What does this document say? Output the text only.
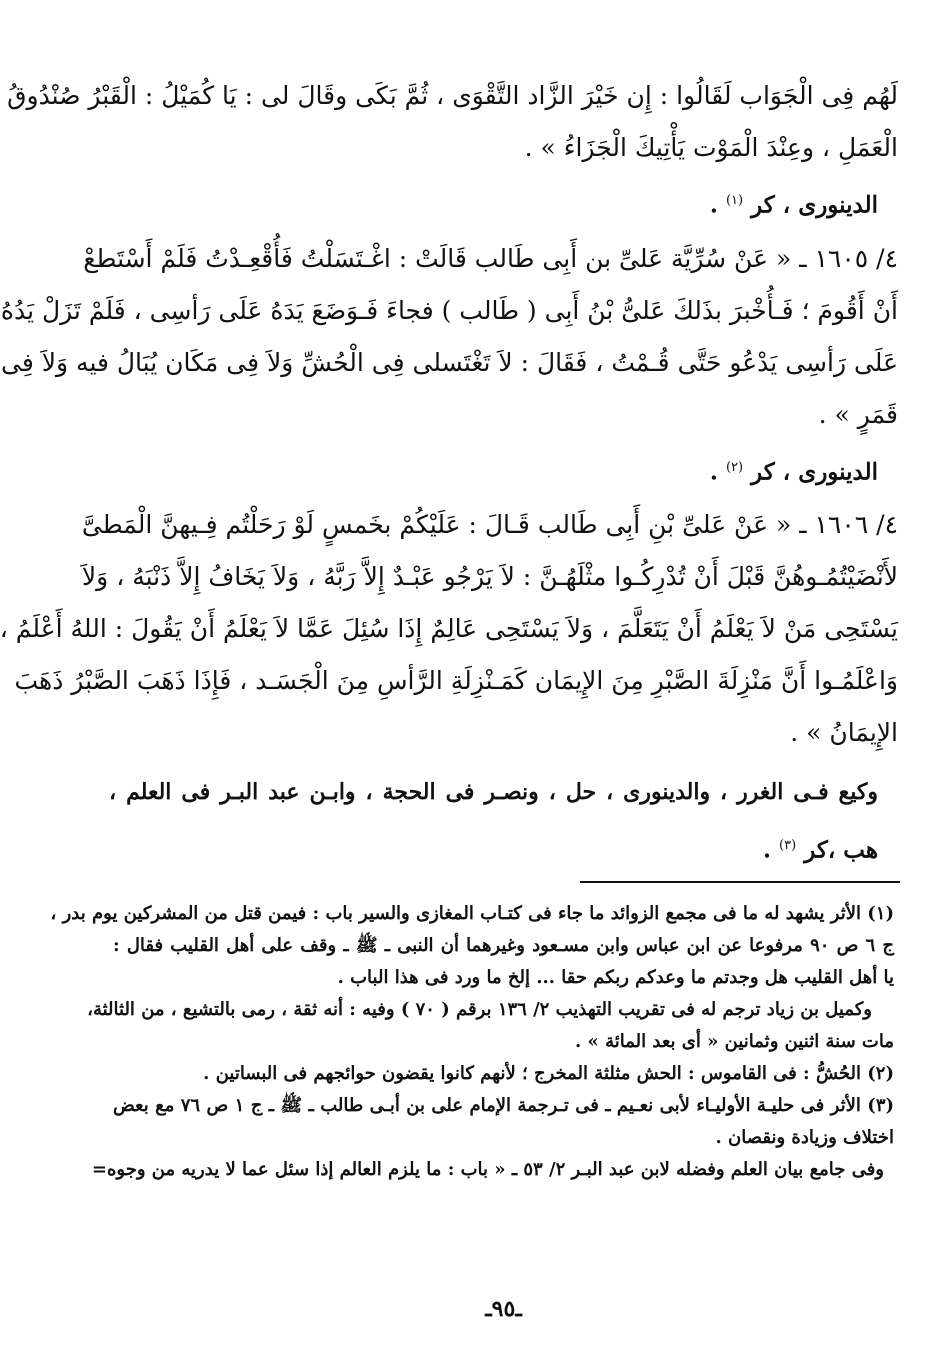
لَهُم فِى الْجَوَاب لَقَالُوا : إِن خَيْرَ الزَّاد التَّقْوَى ، ثُمَّ بَكَى وقَالَ لى : يَا كُمَيْلُ : الْقَبْرُ صُنْدُوقُ
الْعَمَلِ ، وعِنْدَ الْمَوْت يَأْتِيكَ الْجَزَاءُ » .
الدينورى ، كر $^{(١)}$ .
٤/ ١٦٠٥ ـ « عَنْ سُرِّيَّة عَلىِّ بن أَبِى طَالب قَالَتْ : اغْـتَسَلْتُ فَأُقْعِـدْتُ فَلَمْ أَسْتَطعْ
أَنْ أَقُومَ ؛ فَـأُخْبرَ بذَلكَ عَلىُّ بْنُ أَبِى ( طَالب ) فجاءَ فَـوَضَعَ يَدَهُ عَلَى رَأسِى ، فَلَمْ تَزَلْ يَدُهُ
عَلَى رَأسِى يَدْعُو حَتَّى قُـمْتُ ، فَقَالَ : لاَ تَغْتَسلى فِى الْحُشِّ وَلاَ فِى مَكَان يُبَالُ فيه وَلاَ فِى
قَمَرٍ » .
الدينورى ، كر $^{(٢)}$ .
٤/ ١٦٠٦ ـ « عَنْ عَلىِّ بْنِ أَبِى طَالب قَـالَ : عَلَيْكُمْ بخَمسٍ لَوْ رَحَلْتُم فِـيهنَّ الْمَطىَّ
لأَنْضَيْتُمُـوهُنَّ قَبْلَ أَنْ تُدْرِكُـوا مثْلَهُـنَّ : لاَ يَرْجُو عَبْـدٌ إِلاَّ رَبَّهُ ، وَلاَ يَخَافُ إِلاَّ ذَنْبَهُ ، وَلاَ
يَسْتَحِى مَنْ لاَ يَعْلَمُ أَنْ يَتَعَلَّمَ ، وَلاَ يَسْتَحِى عَالِمٌ إِذَا سُئِلَ عَمَّا لاَ يَعْلَمُ أَنْ يَقُولَ : اللهُ أَعْلَمُ ،
وَاعْلَمُـوا أَنَّ مَنْزِلَةَ الصَّبْرِ مِنَ الإِيمَان كَمَـنْزِلَةِ الرَّأسِ مِنَ الْجَسَـد ، فَإِذَا ذَهَبَ الصَّبْرُ ذَهَبَ
الإِيمَانُ » .
وكيع فـى الغرر ، والدينورى ، حل ، ونصـر فى الحجة ، وابـن عبد البـر فى العلم ،
هب ،كر $^{(٣)}$ .
(١) الأثر يشهد له ما فى مجمع الزوائد ما جاء فى كتـاب المغازى والسير باب : فيمن قتل من المشركين يوم بدر ،
ج ٦ ص ٩٠ مرفوعا عن ابن عباس وابن مسـعود وغيرهما أن النبى ـ ﷺ ـ وقف على أهل القليب فقال :
يا أهل القليب هل وجدتم ما وعدكم ربكم حقا ... إلخ ما ورد فى هذا الباب .
وكميل بن زياد ترجم له فى تقريب التهذيب ٢/ ١٣٦ برقم ( ٧٠ ) وفيه : أنه ثقة ، رمى بالتشيع ، من الثالثة،
مات سنة اثنين وثمانين « أى بعد المائة » .
(٢) الحُشُّ : فى القاموس : الحش مثلثة المخرج ؛ لأنهم كانوا يقضون حوائجهم فى البساتين .
(٣) الأثر فى حليـة الأوليـاء لأبى نعـيم ـ فى تـرجمة الإمام على بن أبـى طالب ـ ﷺ ـ ج ١ ص ٧٦ مع بعض
اختلاف وزيادة ونقصان .
وفى جامع بيان العلم وفضله لابن عبد البـر ٢/ ٥٣ ـ « باب : ما يلزم العالم إذا سئل عما لا يدريه من وجوه=
ـ٩٥ـ
